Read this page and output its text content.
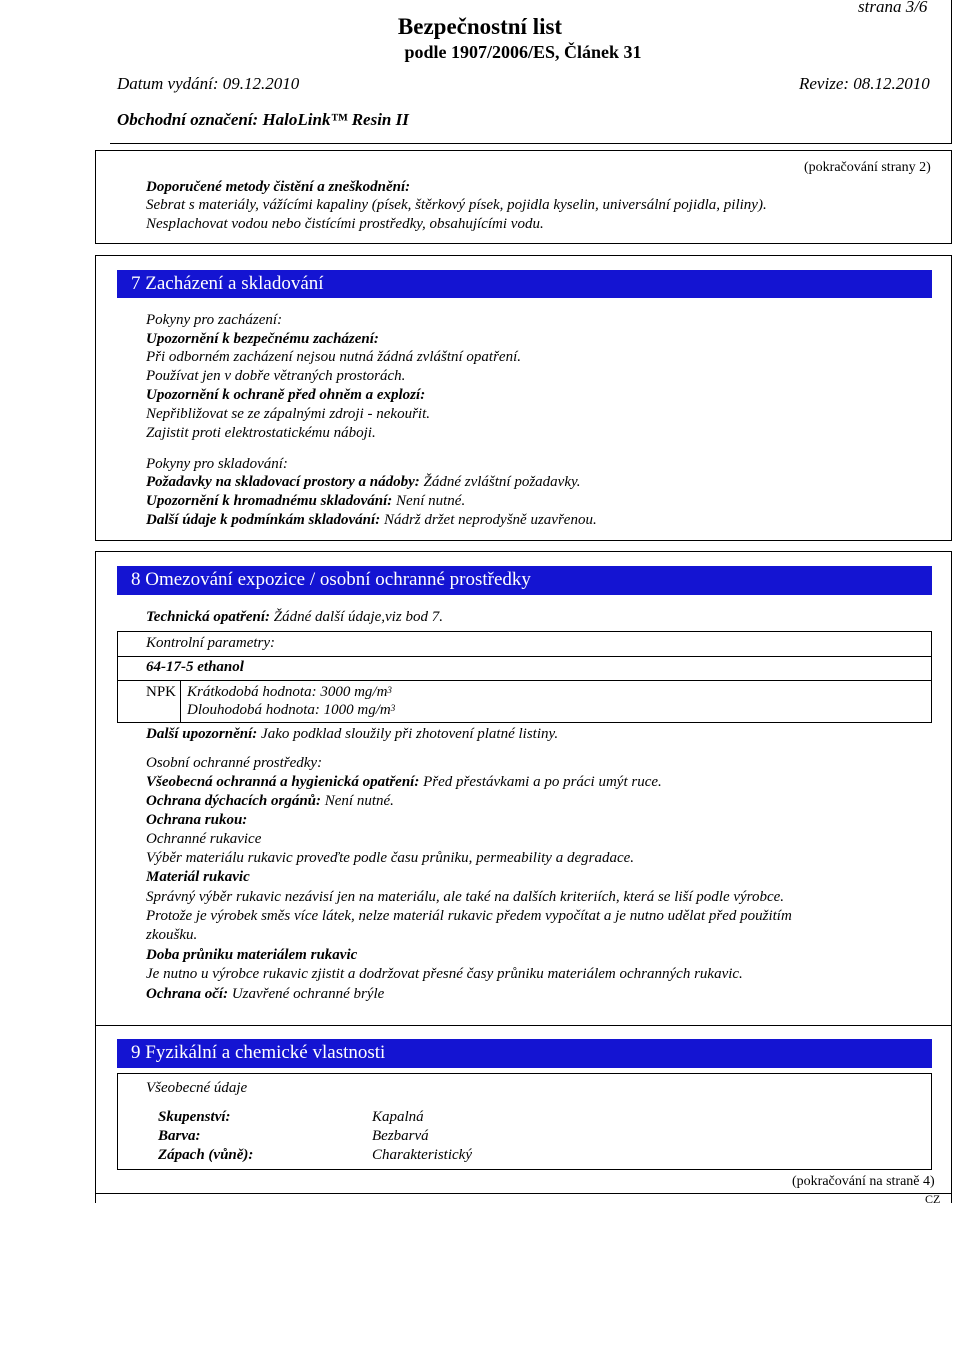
strana 3/6
Bezpečnostní list
podle 1907/2006/ES, Článek 31
Datum vydání: 09.12.2010	Revize: 08.12.2010
Obchodní označení: HaloLink™ Resin II
(pokračování strany 2)
Doporučené metody čistění a zneškodnění:
Sebrat s materiály, vážícími kapaliny (písek, štěrkový písek, pojidla kyselin, universální pojidla, piliny).
Nesplachovat vodou nebo čistícími prostředky, obsahujícími vodu.
7 Zacházení a skladování
Pokyny pro zacházení:
Upozornění k bezpečnému zacházení:
Při odborném zacházení nejsou nutná žádná zvláštní opatření.
Používat jen v dobře větraných prostorách.
Upozornění k ochraně před ohněm a explozí:
Nepřibližovat se ze zápalnými zdroji - nekouřit.
Zajistit proti elektrostatickému náboji.
Pokyny pro skladování:
Požadavky na skladovací prostory a nádoby: Žádné zvláštní požadavky.
Upozornění k hromadnému skladování: Není nutné.
Další údaje k podmínkám skladování: Nádrž držet neprodyšně uzavřenou.
8 Omezování expozice / osobní ochranné prostředky
Technická opatření: Žádné další údaje,viz bod 7.
Kontrolní parametry:
64-17-5 ethanol
NPK Krátkodobá hodnota: 3000 $mg/m^3$
Dlouhodobá hodnota: 1000 $mg/m^3$
Další upozornění: Jako podklad sloužily při zhotovení platné listiny.
Osobní ochranné prostředky:
Všeobecná ochranná a hygienická opatření: Před přestávkami a po práci umýt ruce.
Ochrana dýchacích orgánů: Není nutné.
Ochrana rukou:
Ochranné rukavice
Výběr materiálu rukavic proveďte podle času průniku, permeability a degradace.
Materiál rukavic
Správný výběr rukavic nezávisí jen na materiálu, ale také na dalších kriteriích, která se liší podle výrobce.
Protože je výrobek směs více látek, nelze materiál rukavic předem vypočítat a je nutno udělat před použitím
zkoušku.
Doba průniku materiálem rukavic
Je nutno u výrobce rukavic zjistit a dodržovat přesné časy průniku materiálem ochranných rukavic.
Ochrana očí: Uzavřené ochranné brýle
9 Fyzikální a chemické vlastnosti
Všeobecné údaje
Skupenství:	Kapalná
Barva:	Bezbarvá
Zápach (vůně):	Charakteristický
(pokračování na straně 4)
CZ
